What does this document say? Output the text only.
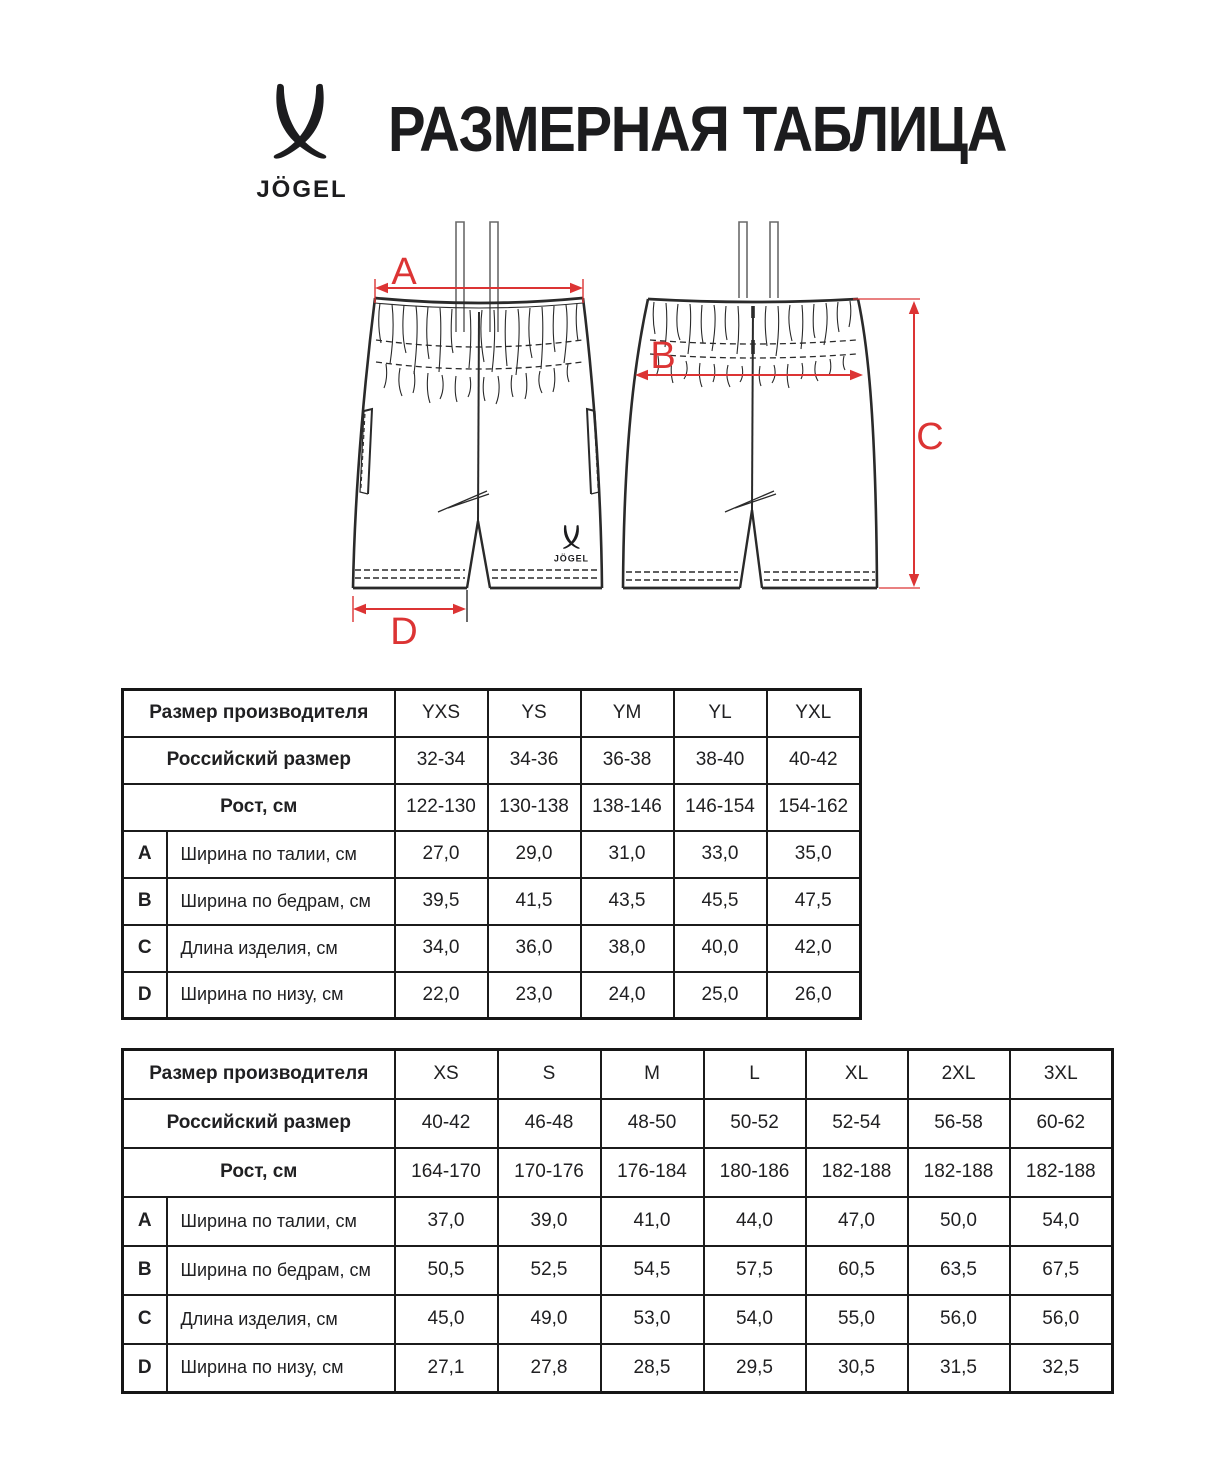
JÖGEL
РАЗМЕРНАЯ ТАБЛИЦА
JÖGEL
A
B
C
D
Размер производителя		YXS	YS	YM	YL	YXL
Российский размер		32-34	34-36	36-38	38-40	40-42
Рост, см		122-130	130-138	138-146	146-154	154-162
A	Ширина по талии, см	27,0	29,0	31,0	33,0	35,0
B	Ширина по бедрам, см	39,5	41,5	43,5	45,5	47,5
C	Длина изделия, см	34,0	36,0	38,0	40,0	42,0
D	Ширина по низу, см	22,0	23,0	24,0	25,0	26,0
Размер производителя		XS	S	M	L	XL	2XL	3XL
Российский размер		40-42	46-48	48-50	50-52	52-54	56-58	60-62
Рост, см		164-170	170-176	176-184	180-186	182-188	182-188	182-188
A	Ширина по талии, см	37,0	39,0	41,0	44,0	47,0	50,0	54,0
B	Ширина по бедрам, см	50,5	52,5	54,5	57,5	60,5	63,5	67,5
C	Длина изделия, см	45,0	49,0	53,0	54,0	55,0	56,0	56,0
D	Ширина по низу, см	27,1	27,8	28,5	29,5	30,5	31,5	32,5
